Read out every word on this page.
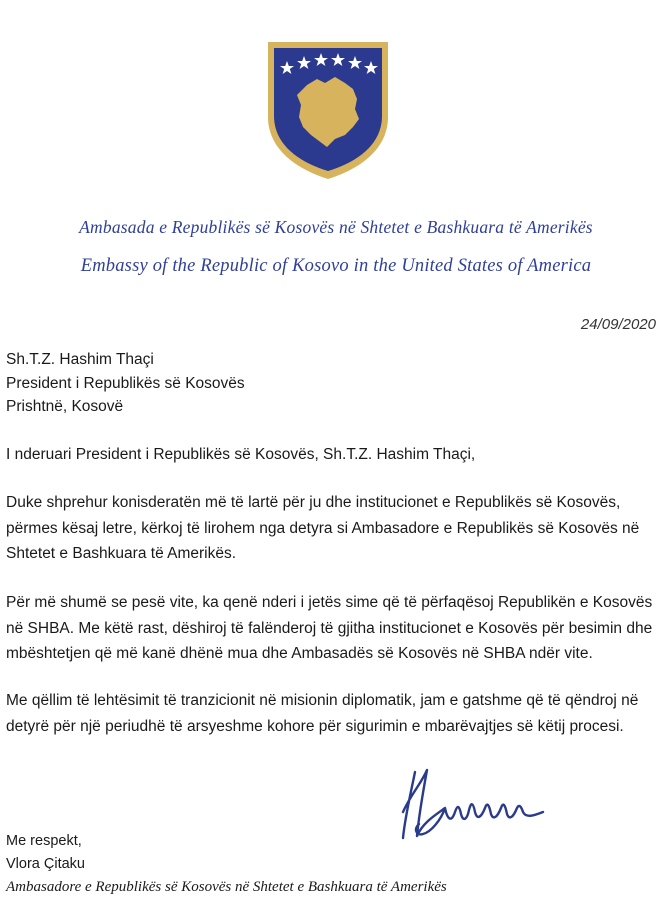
Ambasada e Republikës së Kosovës në Shtetet e Bashkuara të Amerikës
Embassy of the Republic of Kosovo in the United States of America
24/09/2020
Sh.T.Z. Hashim Thaçi
President i Republikës së Kosovës
Prishtnë, Kosovë
I nderuari President i Republikës së Kosovës, Sh.T.Z. Hashim Thaçi,
Duke shprehur konisderatën më të lartë për ju dhe institucionet e Republikës së Kosovës, përmes kësaj letre, kërkoj të lirohem nga detyra si Ambasadore e Republikës së Kosovës në Shtetet e Bashkuara të Amerikës.
Për më shumë se pesë vite, ka qenë nderi i jetës sime që të përfaqësoj Republikën e Kosovës në SHBA. Me këtë rast, dëshiroj të falënderoj të gjitha institucionet e Kosovës për besimin dhe mbështetjen që më kanë dhënë mua dhe Ambasadës së Kosovës në SHBA ndër vite.
Me qëllim të lehtësimit të tranzicionit në misionin diplomatik, jam e gatshme që të qëndroj në detyrë për një periudhë të arsyeshme kohore për sigurimin e mbarëvajtjes së këtij procesi.
Me respekt,
Vlora Çitaku
Ambasadore e Republikës së Kosovës në Shtetet e Bashkuara të Amerikës
